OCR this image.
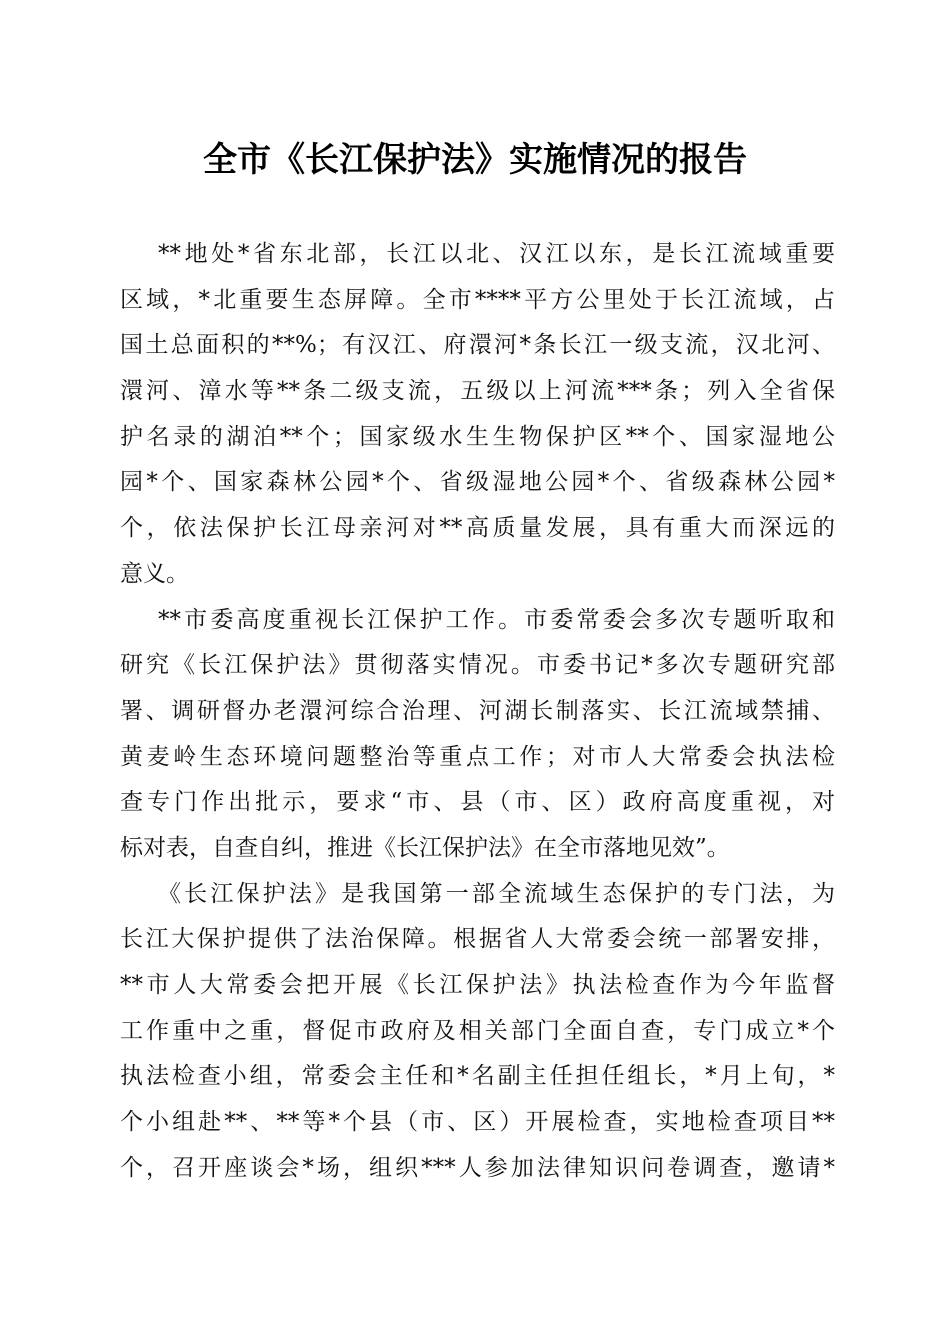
全市《长江保护法》实施情况的报告
**地处*省东北部，长江以北、汉江以东，是长江流域重要
区域，*北重要生态屏障。全市****平方公里处于长江流域，占
国土总面积的**%；有汉江、府澴河*条长江一级支流，汉北河、
澴河、漳水等**条二级支流，五级以上河流***条；列入全省保
护名录的湖泊**个；国家级水生生物保护区**个、国家湿地公
园*个、国家森林公园*个、省级湿地公园*个、省级森林公园*
个，依法保护长江母亲河对**高质量发展，具有重大而深远的
意义。
**市委高度重视长江保护工作。市委常委会多次专题听取和
研究《长江保护法》贯彻落实情况。市委书记*多次专题研究部
署、调研督办老澴河综合治理、河湖长制落实、长江流域禁捕、
黄麦岭生态环境问题整治等重点工作；对市人大常委会执法检
查专门作出批示，要求“市、县（市、区）政府高度重视，对
标对表，自查自纠，推进《长江保护法》在全市落地见效”。
《长江保护法》是我国第一部全流域生态保护的专门法，为
长江大保护提供了法治保障。根据省人大常委会统一部署安排，
**市人大常委会把开展《长江保护法》执法检查作为今年监督
工作重中之重，督促市政府及相关部门全面自查，专门成立*个
执法检查小组，常委会主任和*名副主任担任组长，*月上旬，*
个小组赴**、**等*个县（市、区）开展检查，实地检查项目**
个，召开座谈会*场，组织***人参加法律知识问卷调查，邀请*
